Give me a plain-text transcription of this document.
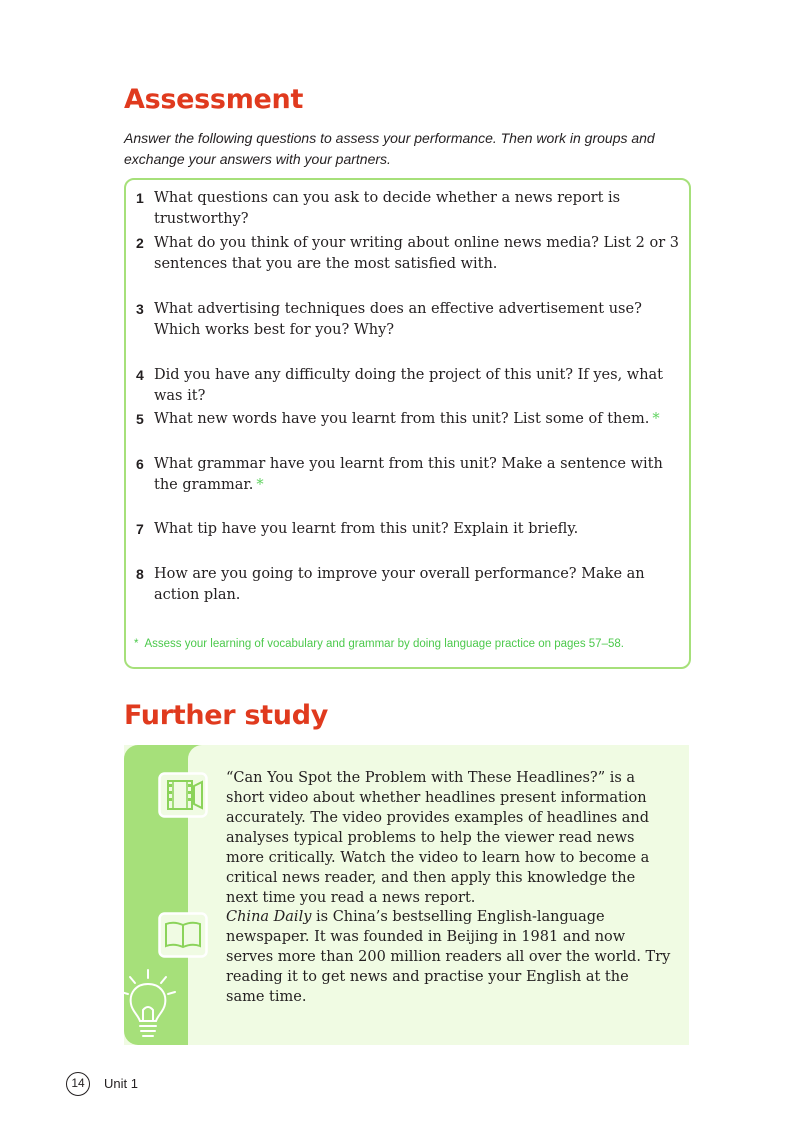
Assessment
Answer the following questions to assess your performance. Then work in groups and exchange your answers with your partners.
1 What questions can you ask to decide whether a news report is trustworthy?
2 What do you think of your writing about online news media? List 2 or 3 sentences that you are the most satisfied with.
3 What advertising techniques does an effective advertisement use? Which works best for you? Why?
4 Did you have any difficulty doing the project of this unit? If yes, what was it?
5 What new words have you learnt from this unit? List some of them. *
6 What grammar have you learnt from this unit? Make a sentence with the grammar. *
7 What tip have you learnt from this unit? Explain it briefly.
8 How are you going to improve your overall performance? Make an action plan.
* Assess your learning of vocabulary and grammar by doing language practice on pages 57–58.
Further study
“Can You Spot the Problem with These Headlines?” is a short video about whether headlines present information accurately. The video provides examples of headlines and analyses typical problems to help the viewer read news more critically. Watch the video to learn how to become a critical news reader, and then apply this knowledge the next time you read a news report.
China Daily is China’s bestselling English-language newspaper. It was founded in Beijing in 1981 and now serves more than 200 million readers all over the world. Try reading it to get news and practise your English at the same time.
14	Unit 1
